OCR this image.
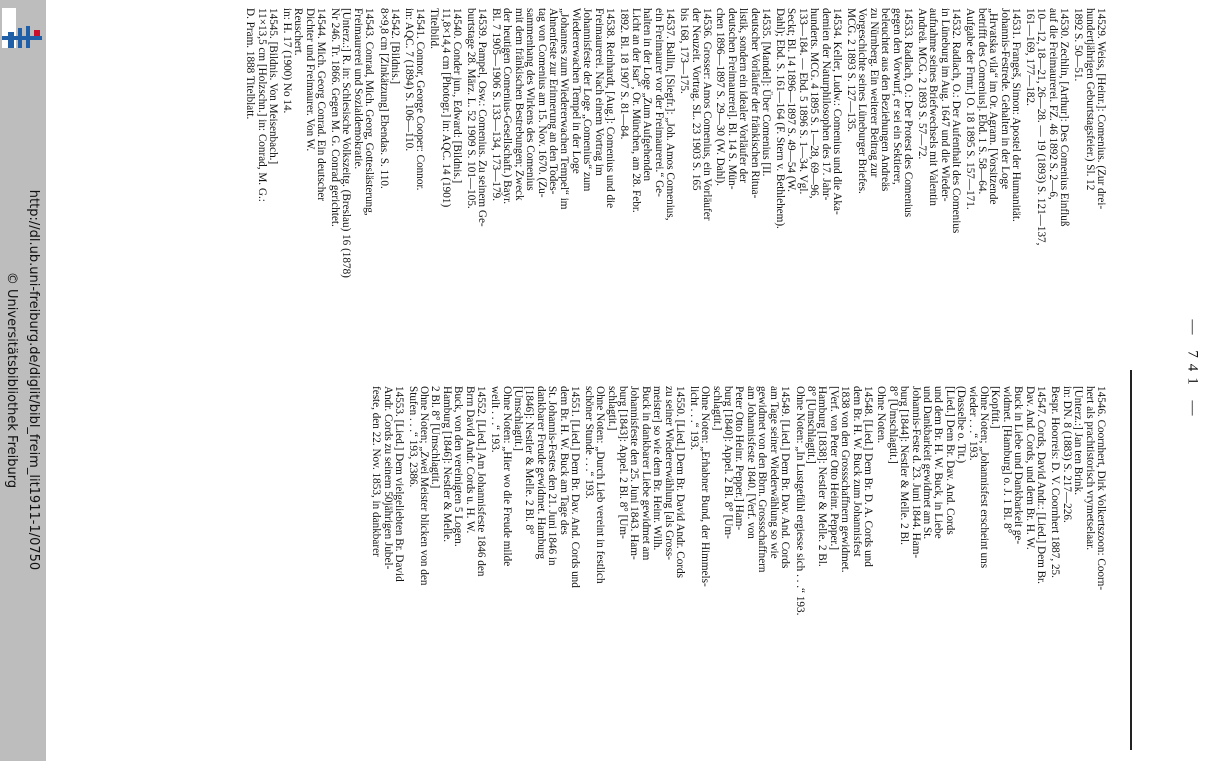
© Universitätsbibliothek Freiburg http://dl.ub.uni-freiburg.de/diglit/bibl_freim_lit1911-1/0750	— 741 —
14529. Weiss, [Heinr.]: Comenius. (Zur drei-
hundertjährigen Geburtstagsfeier.) Sl. 12
1892 S. 50—51.
14530. Zechlin, [Arthur]: Des Comenius Einfluß
auf die Freimaurerei. FZ. 46 1892 S. 2—6,
10—12, 18—21, 26—28. — 19 (1893) S. 121—137,
161—169, 177—182.
14531. Frangeš, Simon: Apostel der Humanität.
Johannis-Festrede. Gehalten in der Loge
„Hrvatska vila“ im Or. Agram. [Vorsitzende
betrifft des Comenius]. Ebd. 1 S. 58—64.
Aufgabe der Frmr.] O. 18 1895 S. 157—171.
14532. Radlach, O.: Der Aufenthalt des Comenius
in Lüneburg im Aug. 1647 und die Wieder-
aufnahme seines Briefwechsels mit Valentin
Andreä. MCG. 2 1893 S. 57—72.
14533. Radlach, O.: Der Protest des Comenius
gegen den Vorwurf, er sei ein Sektierer,
beleuchtet aus den Beziehungen Andreäs
zu Nürnberg. Ein weiterer Beitrag zur
Vorgeschichte seines Lüneburger Briefes.
MCG. 2 1893 S. 127—135.
14534. Keller, Ludw.: Comenius und die Aka-
demien der Naturphilosophen des 17. Jahr-
hunderts. MCG. 4 1895 S. 1—28, 69—96,
133—184. — Ebd. 5 1896 S. 1—34. Vgl.
Seckt; Bl. 14 1896—1897 S. 49—54 (W.
Dahl); Ebd. S. 161—164 (F. Stern v. Bethlehem).
14535. [Mandel]: Über Comenius [II.
deutscher Vorläufer der fränkischen Ritua-
listik, sondern ein idealer Vorläufer der
deutschen Freimaurerei]. Bl. 14 S. Mün-
chen 1896—1897 S. 29—30 (W. Dahl).
14536. Grosser: Amos Comenius, ein Vorläufer
der Neuzeit. Vortrag. SL. 23 1903 S. 165
bis 168, 173—175.
14537. Ballin, [Siegfr.]: „Joh. Amos Comenius,
ein Freimaurer vor der Freimaurerei.“ Ge-
halten in der Loge „Zum Aufgehenden
Licht an der Isar“, Or. München, am 28. Febr.
1892. Bl. 18 1907 S. 81—84.
14538. Reinhardt, [Aug.]: Comenius und die
Freimaurerei. Nach einem Vortrag im
Johannisfeste der Loge „Comenius“ zum
Wiedererwachen Tempel in der Loge
„Johannes zum Wiedererwachen Tempel“ im
Ahnenfeste zur Erinnerung an den Todes-
tag von Comenius am 15. Nov. 1670. (Zu-
sammenhang des Wirkens des Comenius
mit dem fränkischen Bestrebungen; Zweck
der heutigen Comenius-Gesellschaft.) Bayr.
Bl. 7 1905—1906 S. 133—134, 173—179.
14539. Pampel, Osw.: Comenius. Zu seinem Ge-
burtstage 28. März. L. 52 1909 S. 101—105.
14540. Conder jun., Edward: [Bildnis.]
11,8×14,4 cm [Photogr.] in: AQC. 14 (1901)
Titelbild.
14541. Connor, George Cooper: Connor.
in: AQC. 7 (1894) S. 106—110.
14542. [Bildnis.]
8×9,8 cm [Zinkätzung] Ebendas. S. 110.
14543. Conrad, Mich. Georg, Gotteslästerung,
Freimaurerei und Sozialdemokratie.
[Unterz.:] R. in: Schlesische Volkszeitg. (Breslau) 16 (1878)
Nr 246. Tr. 1866. Gegen M. G. Conrad gerichtet.
14544. Mich. Georg Conrad. Ein deutscher
Dichter und Freimaurer. Von W.
Reuschert.
in: H. 17 (1900) No 14.
14545. [Bildnis. Von Meisenbach.]
11×13,5 cm [Holzschn.] in: Conrad, M. G.:
D. Pram. 1888 Titelblatt.
14546. Coornhert, Dirk Volkertszoon: Coorn-
hert als prachtistorisch vrymetselaar.
[Unterz.:] Jan ten Brink.
in: DN. 8 (1883) S. 217—226.
Bespr. Hoorreis: D. V. Coornhert 1887, 25.
14547. Cords, David Andr.: [Lied.] Dem Br.
Dav. And. Cords, und dem Br. H. W.
Buck in Liebe und Dankbarkeit ge-
widmet. [Hamburg] o. J. 1 Bl. 8°
[Kopftit.]
Ohne Noten; „Johannisfest erscheint uns
wieder . . .“ 193.
(Dasselbe o. Tit.)
[Lied.] Dem Br. Dav. And. Cords
und dem Br. H. W. Buck, in Liebe
und Dankbarkeit gewidmet am St.
Johannis-Feste d. 23. Juni 1844. Ham-
burg [1844]: Nestler & Melle. 2 Bl.
8° [Umschlagtit.]
Ohne Noten.
14548. [Lied.] Dem Br. D. A. Cords und
dem Br. H. W. Buck zum Johannisfest
1838 von den Grossschaffnern gewidmet.
[Verf. von Peter Otto Heinr. Pepper.]
Hamburg [1838]: Nestler & Melle. 2 Bl.
8° [Umschlagtit.]
Ohne Noten: „In Lustgefühl ergiesse sich . . .“ 193.
14549. [Lied.] Dem Br. Dav. And. Cords
am Tage seiner Wiederwählung so wie
gewidmet von den Bbrn. Grossschaffnern
am Johannisfeste 1840. [Verf. von
Peter Otto Heinr. Pepper.] Ham-
burg [1840]: Appel. 2 Bl. 8° [Um-
schlagtit.]
Ohne Noten: „Erhabner Bund, der Himmels-
licht . . .“ 193.
14550. [Lied.] Dem Br. David Andr. Cords
zu seiner Wiedererwählung [als Gross-
meister] so wie dem Br. Heinr. Wilh.
Buck in dankbarer Liebe gewidmet am
Johannisfeste den 25. Juni 1843. Ham-
burg [1843]: Appel. 2 Bl. 8° [Um-
schlagtit.]
Ohne Noten: „Durch Lieb vereint in festlich
schöner Stunde . . .“ 193.
14551. [Lied.] Dem Br. Dav. And. Cords und
dem Br. H. W. Buck am Tage des
St. Johannis-Festes den 21. Juni 1846 in
dankbarer Freude gewidmet. Hamburg
[1846]: Nestler & Melle. 2 Bl. 8°
[Umschlagtit.]
Ohne Noten: „Hier wo die Freude milde
weilt . . .“ 193.
14552. [Lied.] Am Johannisfeste 1846 den
Brrn David Andr. Cords u. H. W.
Buck, von den vereinigten 5 Logen.
Hamburg [1846]: Nestler & Melle.
2 Bl. 8° [Umschlagtit.]
Ohne Noten; „Zwei Meister blicken von den
Stufen . . .“ 193, 2386.
14553. [Lied.] Dem vielgeliebten Br. David
Andr. Cords zu seinem 50jährigen Jubel-
feste, den 22. Nov. 1853, in dankbarer
